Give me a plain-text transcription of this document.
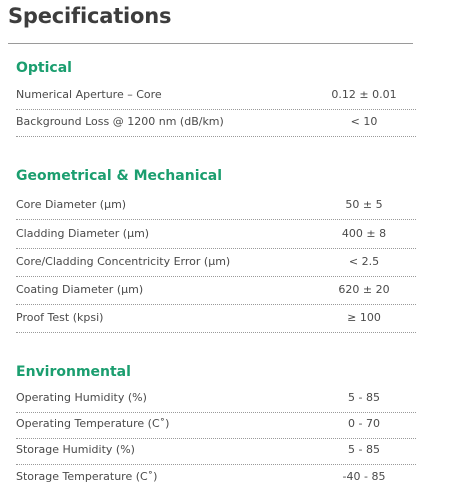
Specifications
Optical
Numerical Aperture – Core	0.12 ± 0.01
Background Loss @ 1200 nm (dB/km)	< 10
Geometrical & Mechanical
Core Diameter (µm)	50 ± 5
Cladding Diameter (µm)	400 ± 8
Core/Cladding Concentricity Error (µm)	< 2.5
Coating Diameter (µm)	620 ± 20
Proof Test (kpsi)	≥ 100
Environmental
Operating Humidity (%)	5 - 85
Operating Temperature (C˚)	0 - 70
Storage Humidity (%)	5 - 85
Storage Temperature (C˚)	-40 - 85
